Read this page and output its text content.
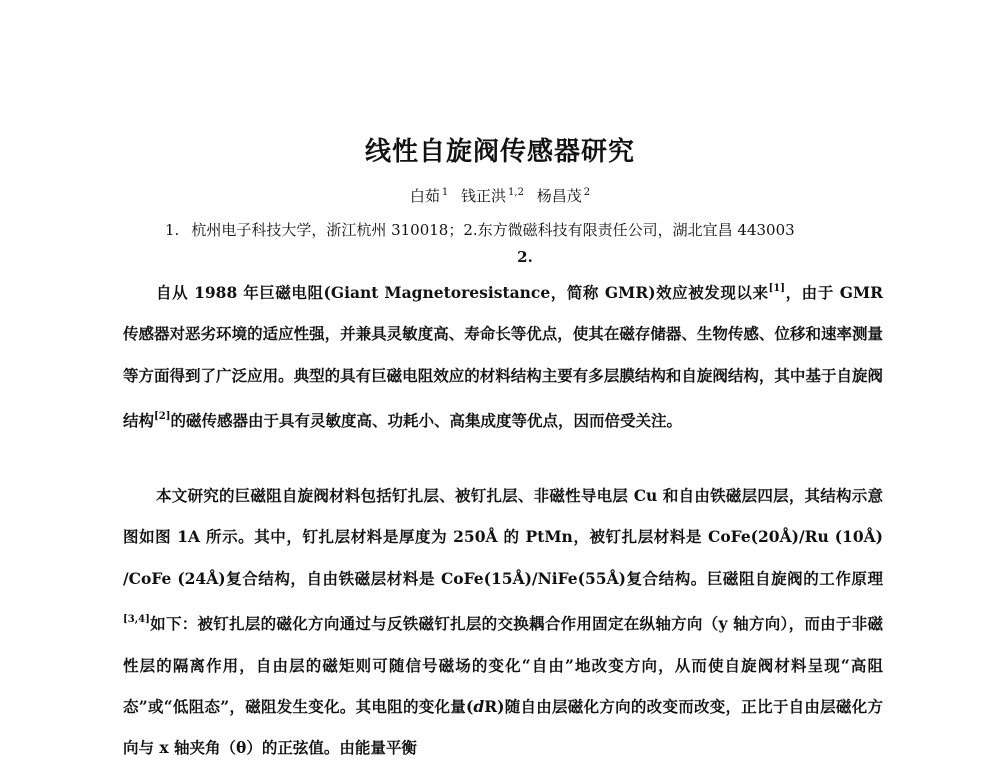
线性自旋阀传感器研究
白茹 $^1$ 钱正洪 $^{1,2}$ 杨昌茂 $^2$
1. 杭州电子科技大学，浙江杭州 310018；2.东方微磁科技有限责任公司，湖北宜昌 443003
2.

自从 1988 年巨磁电阻(Giant Magnetoresistance，简称 GMR)效应被发现以来[1]，由于 GMR 传感器对恶劣环境的适应性强，并兼具灵敏度高、寿命长等优点，使其在磁存储器、生物传感、位移和速率测量等方面得到了广泛应用。典型的具有巨磁电阻效应的材料结构主要有多层膜结构和自旋阀结构，其中基于自旋阀结构[2]的磁传感器由于具有灵敏度高、功耗小、高集成度等优点，因而倍受关注。

本文研究的巨磁阻自旋阀材料包括钉扎层、被钉扎层、非磁性导电层 Cu 和自由铁磁层四层，其结构示意图如图 1A 所示。其中，钉扎层材料是厚度为 250Å 的 PtMn，被钉扎层材料是 CoFe(20Å)/Ru (10Å) /CoFe (24Å)复合结构，自由铁磁层材料是 CoFe(15Å)/NiFe(55Å)复合结构。巨磁阻自旋阀的工作原理[3,4]如下：被钉扎层的磁化方向通过与反铁磁钉扎层的交换耦合作用固定在纵轴方向（y 轴方向），而由于非磁性层的隔离作用，自由层的磁矩则可随信号磁场的变化“自由”地改变方向，从而使自旋阀材料呈现“高阻态”或“低阻态”，磁阻发生变化。其电阻的变化量(dR)随自由层磁化方向的改变而改变，正比于自由层磁化方向与 x 轴夹角（θ）的正弦值。由能量平衡
